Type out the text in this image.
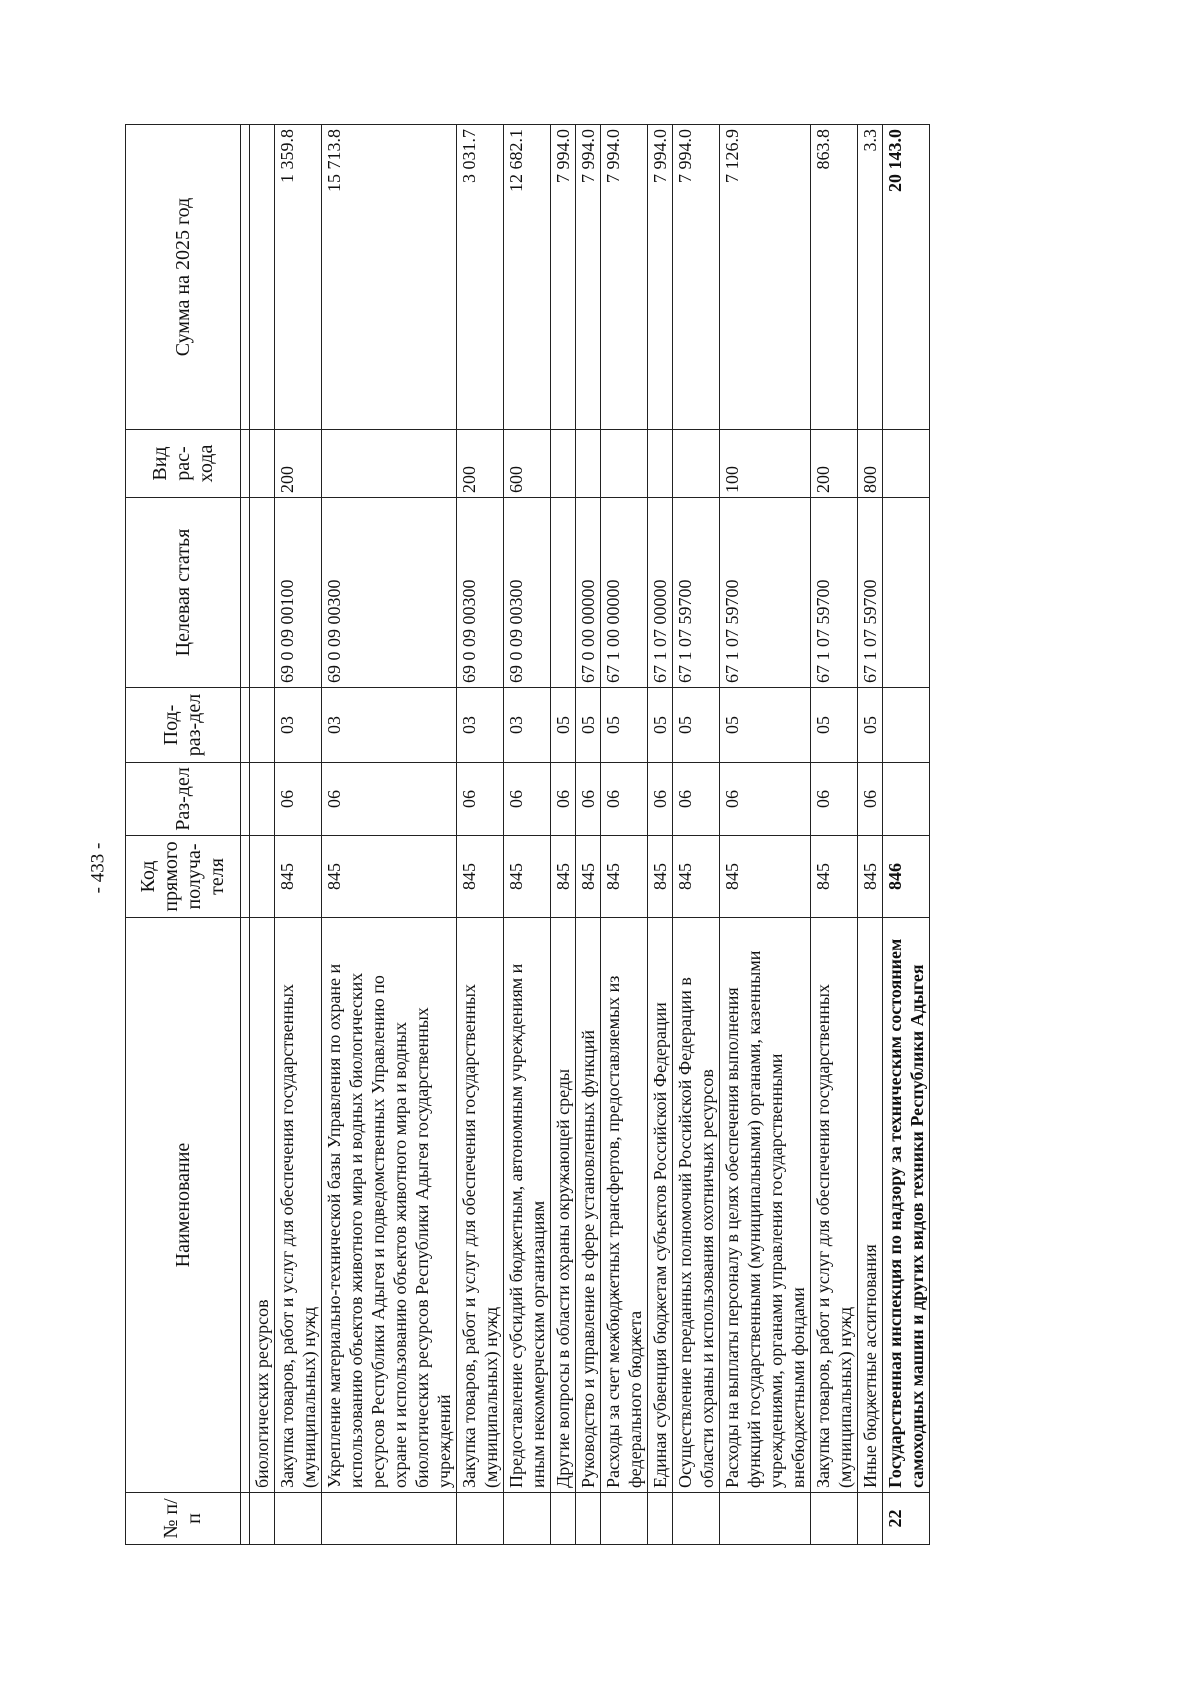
- 433 -
№ п/п	Наименование	Код прямого получа-теля	Раз-дел	Под-раз-дел	Целевая статья	Вид рас-хода	Сумма на 2025 год

	биологических ресурсов						
	Закупка товаров, работ и услуг для обеспечения государственных (муниципальных) нужд	845	06	03	69 0 09 00100	200	1 359.8
	Укрепление материально-технической базы Управления по охране и использованию объектов животного мира и водных биологических ресурсов Республики Адыгея и подведомственных Управлению по охране и использованию объектов животного мира и водных биологических ресурсов Республики Адыгея государственных учреждений	845	06	03	69 0 09 00300		15 713.8
	Закупка товаров, работ и услуг для обеспечения государственных (муниципальных) нужд	845	06	03	69 0 09 00300	200	3 031.7
	Предоставление субсидий бюджетным, автономным учреждениям и иным некоммерческим организациям	845	06	03	69 0 09 00300	600	12 682.1
	Другие вопросы в области охраны окружающей среды	845	06	05			7 994.0
	Руководство и управление в сфере установленных функций	845	06	05	67 0 00 00000		7 994.0
	Расходы за счет межбюджетных трансфертов, предоставляемых из федерального бюджета	845	06	05	67 1 00 00000		7 994.0
	Единая субвенция бюджетам субъектов Российской Федерации	845	06	05	67 1 07 00000		7 994.0
	Осуществление переданных полномочий Российской Федерации в области охраны и использования охотничьих ресурсов	845	06	05	67 1 07 59700		7 994.0
	Расходы на выплаты персоналу в целях обеспечения выполнения функций государственными (муниципальными) органами, казенными учреждениями, органами управления государственными внебюджетными фондами	845	06	05	67 1 07 59700	100	7 126.9
	Закупка товаров, работ и услуг для обеспечения государственных (муниципальных) нужд	845	06	05	67 1 07 59700	200	863.8
	Иные бюджетные ассигнования	845	06	05	67 1 07 59700	800	3.3
22	Государственная инспекция по надзору за техническим состоянием самоходных машин и других видов техники Республики Адыгея	846					20 143.0
